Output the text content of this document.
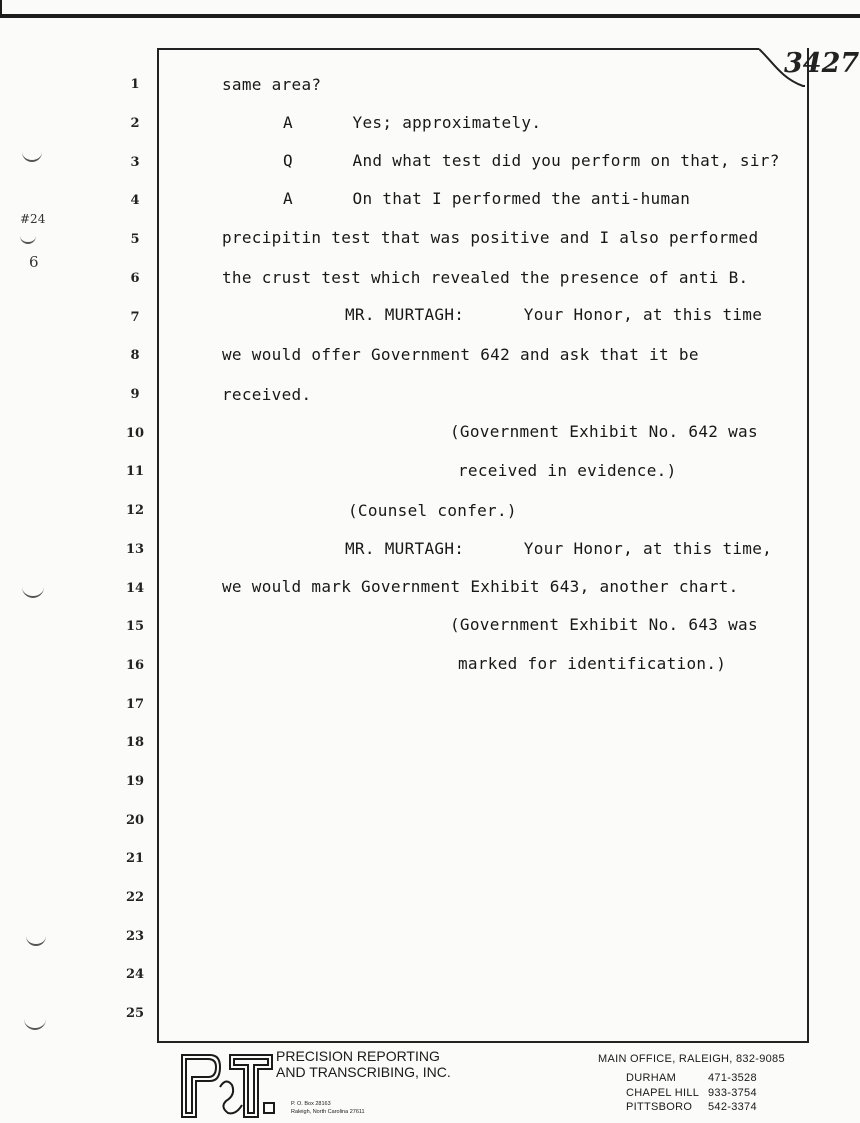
3427
#24
6
1
2
3
4
5
6
7
8
9
10
11
12
13
14
15
16
17
18
19
20
21
22
23
24
25
same area?
A      Yes; approximately.
Q      And what test did you perform on that, sir?
A      On that I performed the anti-human
precipitin test that was positive and I also performed
the crust test which revealed the presence of anti B.
MR. MURTAGH:      Your Honor, at this time
we would offer Government 642 and ask that it be
received.
(Government Exhibit No. 642 was
received in evidence.)
(Counsel confer.)
MR. MURTAGH:      Your Honor, at this time,
we would mark Government Exhibit 643, another chart.
(Government Exhibit No. 643 was
marked for identification.)
PRECISION REPORTING
AND TRANSCRIBING, INC.
P. O. Box 28163
Raleigh, North Carolina 27611
MAIN OFFICE, RALEIGH, 832-9085
DURHAM	471-3528
CHAPEL HILL 933-3754
PITTSBORO 542-3374
